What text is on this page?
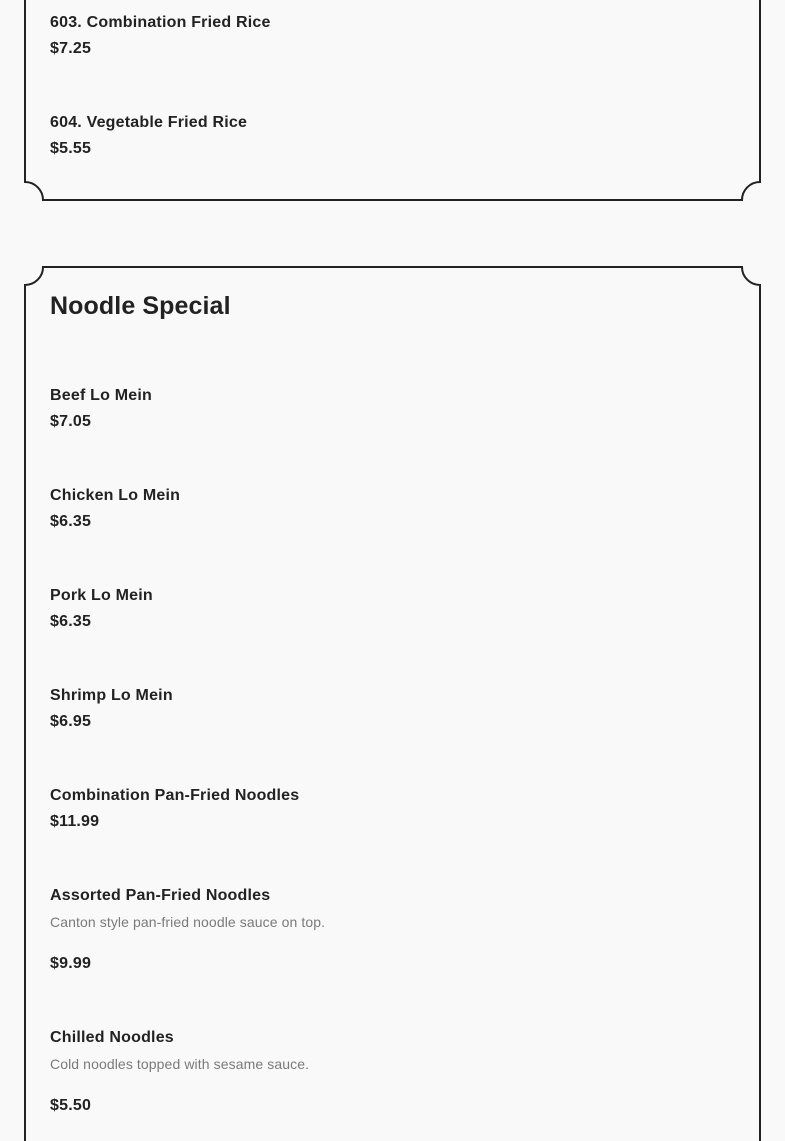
603. Combination Fried Rice

$7.25

604. Vegetable Fried Rice

$5.55

Noodle Special

Beef Lo Mein

$7.05

Chicken Lo Mein

$6.35

Pork Lo Mein

$6.35

Shrimp Lo Mein

$6.95

Combination Pan-Fried Noodles

$11.99

Assorted Pan-Fried Noodles

Canton style pan-fried noodle sauce on top.

$9.99

Chilled Noodles

Cold noodles topped with sesame sauce.

$5.50
